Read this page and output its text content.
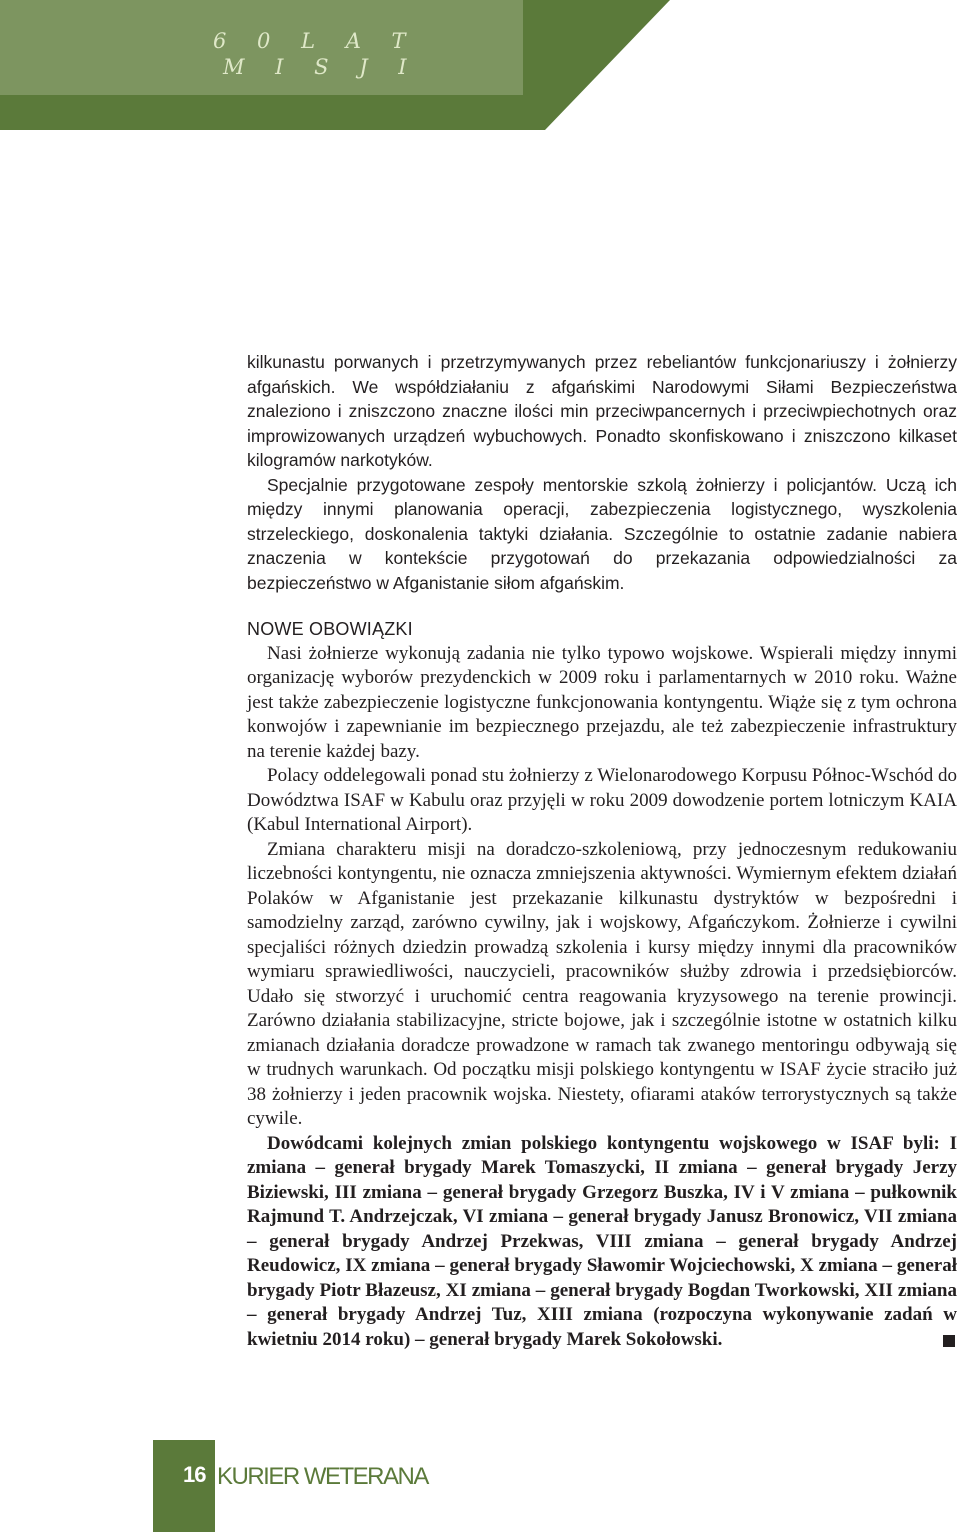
6 0 L A T
M I S J I

kilkunastu porwanych i przetrzymywanych przez rebeliantów funkcjonariuszy i żołnierzy afgańskich. We współdziałaniu z afgańskimi Narodowymi Siłami Bezpieczeństwa znaleziono i zniszczono znaczne ilości min przeciwpancernych i przeciwpiechotnych oraz improwizowanych urządzeń wybuchowych. Ponadto skonfiskowano i zniszczono kilkaset kilogramów narkotyków.

Specjalnie przygotowane zespoły mentorskie szkolą żołnierzy i policjantów. Uczą ich między innymi planowania operacji, zabezpieczenia logistycznego, wyszkolenia strzeleckiego, doskonalenia taktyki działania. Szczególnie to ostatnie zadanie nabiera znaczenia w kontekście przygotowań do przekazania odpowiedzialności za bezpieczeństwo w Afganistanie siłom afgańskim.

NOWE OBOWIĄZKI

Nasi żołnierze wykonują zadania nie tylko typowo wojskowe. Wspierali między innymi organizację wyborów prezydenckich w 2009 roku i parlamentarnych w 2010 roku. Ważne jest także zabezpieczenie logistyczne funkcjonowania kontyngentu. Wiąże się z tym ochrona konwojów i zapewnianie im bezpiecznego przejazdu, ale też zabezpieczenie infrastruktury na terenie każdej bazy.

Polacy oddelegowali ponad stu żołnierzy z Wielonarodowego Korpusu Północ-Wschód do Dowództwa ISAF w Kabulu oraz przyjęli w roku 2009 dowodzenie portem lotniczym KAIA (Kabul International Airport).

Zmiana charakteru misji na doradczo-szkoleniową, przy jednoczesnym redukowaniu liczebności kontyngentu, nie oznacza zmniejszenia aktywności. Wymiernym efektem działań Polaków w Afganistanie jest przekazanie kilkunastu dystryktów w bezpośredni i samodzielny zarząd, zarówno cywilny, jak i wojskowy, Afgańczykom. Żołnierze i cywilni specjaliści różnych dziedzin prowadzą szkolenia i kursy między innymi dla pracowników wymiaru sprawiedliwości, nauczycieli, pracowników służby zdrowia i przedsiębiorców. Udało się stworzyć i uruchomić centra reagowania kryzysowego na terenie prowincji. Zarówno działania stabilizacyjne, stricte bojowe, jak i szczególnie istotne w ostatnich kilku zmianach działania doradcze prowadzone w ramach tak zwanego mentoringu odbywają się w trudnych warunkach. Od początku misji polskiego kontyngentu w ISAF życie straciło już 38 żołnierzy i jeden pracownik wojska. Niestety, ofiarami ataków terrorystycznych są także cywile.

Dowódcami kolejnych zmian polskiego kontyngentu wojskowego w ISAF byli: I zmiana – generał brygady Marek Tomaszycki, II zmiana – generał brygady Jerzy Biziewski, III zmiana – generał brygady Grzegorz Buszka, IV i V zmiana – pułkownik Rajmund T. Andrzejczak, VI zmiana – generał brygady Janusz Bronowicz, VII zmiana – generał brygady Andrzej Przekwas, VIII zmiana – generał brygady Andrzej Reudowicz, IX zmiana – generał brygady Sławomir Wojciechowski, X zmiana – generał brygady Piotr Błazeusz, XI zmiana – generał brygady Bogdan Tworkowski, XII zmiana – generał brygady Andrzej Tuz, XIII zmiana (rozpoczyna wykonywanie zadań w kwietniu 2014 roku) – generał brygady Marek Sokołowski.

16 KURIER WETERANA
